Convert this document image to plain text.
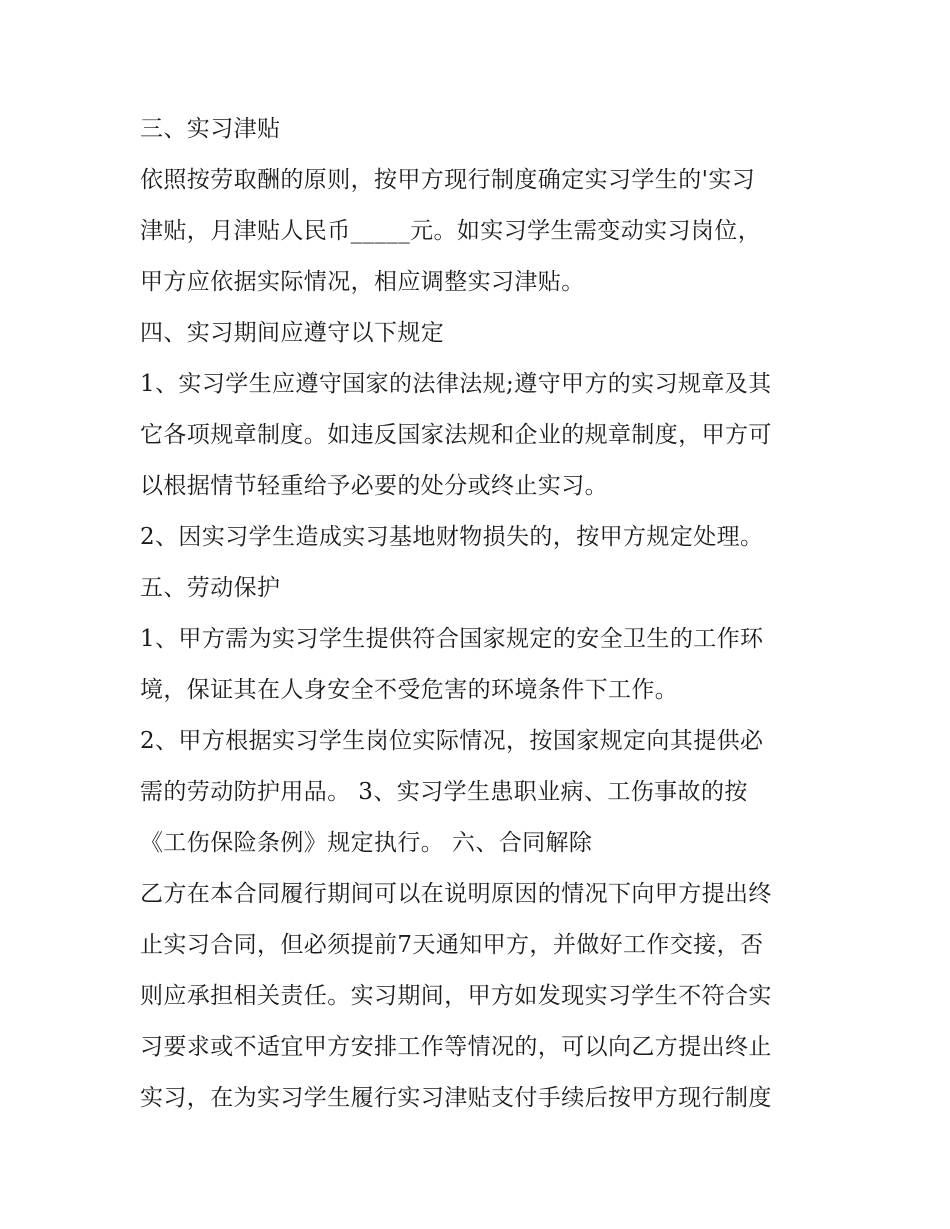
三、实习津贴
依照按劳取酬的原则，按甲方现行制度确定实习学生的'实习
津贴，月津贴人民币_____元。如实习学生需变动实习岗位，
甲方应依据实际情况，相应调整实习津贴。
四、实习期间应遵守以下规定
1、实习学生应遵守国家的法律法规;遵守甲方的实习规章及其
它各项规章制度。如违反国家法规和企业的规章制度，甲方可
以根据情节轻重给予必要的处分或终止实习。
2、因实习学生造成实习基地财物损失的，按甲方规定处理。
五、劳动保护
1、甲方需为实习学生提供符合国家规定的安全卫生的工作环
境，保证其在人身安全不受危害的环境条件下工作。
2、甲方根据实习学生岗位实际情况，按国家规定向其提供必
需的劳动防护用品。 3、实习学生患职业病、工伤事故的按
《工伤保险条例》规定执行。 六、合同解除
乙方在本合同履行期间可以在说明原因的情况下向甲方提出终
止实习合同，但必须提前7天通知甲方，并做好工作交接，否
则应承担相关责任。实习期间，甲方如发现实习学生不符合实
习要求或不适宜甲方安排工作等情况的，可以向乙方提出终止
实习，在为实习学生履行实习津贴支付手续后按甲方现行制度
